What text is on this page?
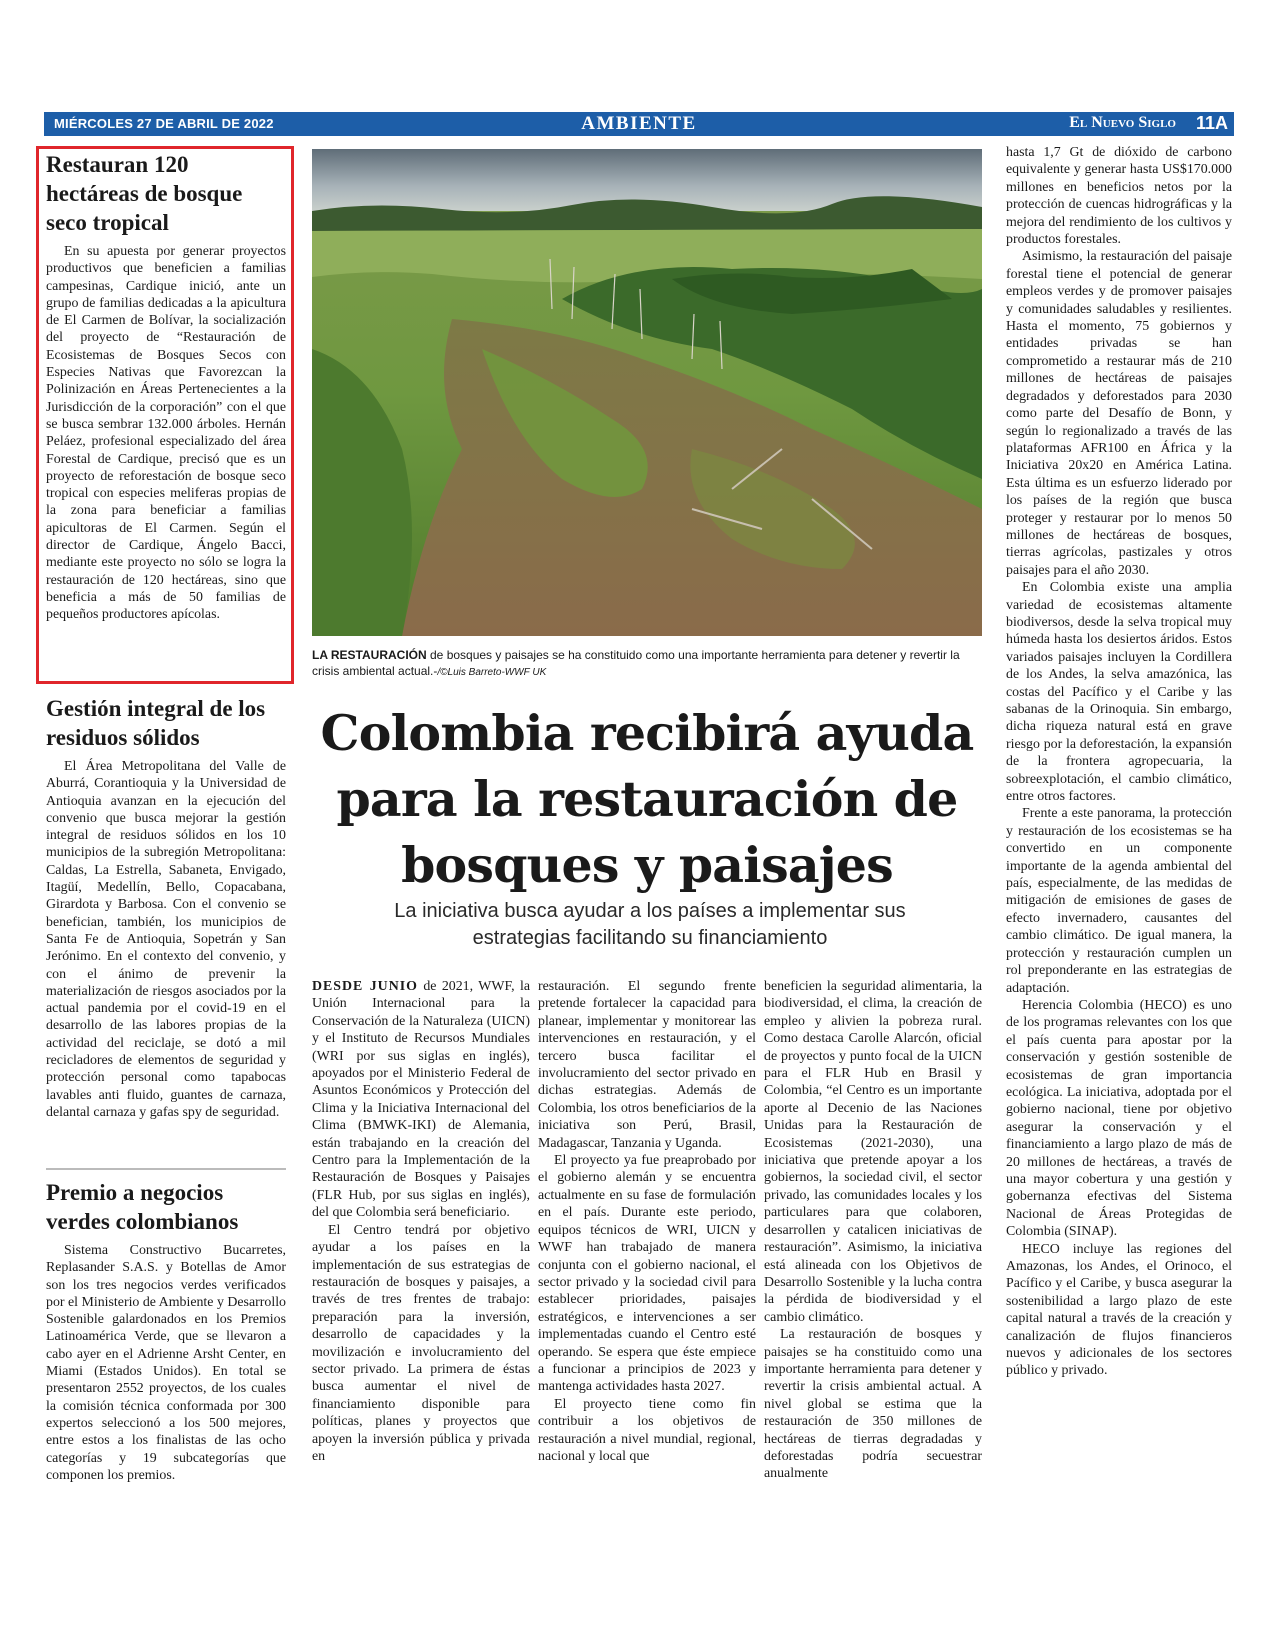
MIÉRCOLES 27 DE ABRIL DE 2022	AMBIENTE	El Nuevo Siglo 11A
Restauran 120 hectáreas de bosque seco tropical

En su apuesta por generar proyectos productivos que beneficien a familias campesinas, Cardique inició, ante un grupo de familias dedicadas a la apicultura de El Carmen de Bolívar, la socialización del proyecto de “Restauración de Ecosistemas de Bosques Secos con Especies Nativas que Favorezcan la Polinización en Áreas Pertenecientes a la Jurisdicción de la corporación” con el que se busca sembrar 132.000 árboles. Hernán Peláez, profesional especializado del área Forestal de Cardique, precisó que es un proyecto de reforestación de bosque seco tropical con especies meliferas propias de la zona para beneficiar a familias apicultoras de El Carmen. Según el director de Cardique, Ángelo Bacci, mediante este proyecto no sólo se logra la restauración de 120 hectáreas, sino que beneficia a más de 50 familias de pequeños productores apícolas.

Gestión integral de los residuos sólidos

El Área Metropolitana del Valle de Aburrá, Corantioquia y la Universidad de Antioquia avanzan en la ejecución del convenio que busca mejorar la gestión integral de residuos sólidos en los 10 municipios de la subregión Metropolitana: Caldas, La Estrella, Sabaneta, Envigado, Itagüí, Medellín, Bello, Copacabana, Girardota y Barbosa. Con el convenio se benefician, también, los municipios de Santa Fe de Antioquia, Sopetrán y San Jerónimo. En el contexto del convenio, y con el ánimo de prevenir la materialización de riesgos asociados por la actual pandemia por el covid-19 en el desarrollo de las labores propias de la actividad del reciclaje, se dotó a mil recicladores de elementos de seguridad y protección personal como tapabocas lavables anti fluido, guantes de carnaza, delantal carnaza y gafas spy de seguridad.

Premio a negocios verdes colombianos

Sistema Constructivo Bucarretes, Replasander S.A.S. y Botellas de Amor son los tres negocios verdes verificados por el Ministerio de Ambiente y Desarrollo Sostenible galardonados en los Premios Latinoamérica Verde, que se llevaron a cabo ayer en el Adrienne Arsht Center, en Miami (Estados Unidos). En total se presentaron 2552 proyectos, de los cuales la comisión técnica conformada por 300 expertos seleccionó a los 500 mejores, entre estos a los finalistas de las ocho categorías y 19 subcategorías que componen los premios.

LA RESTAURACIÓN de bosques y paisajes se ha constituido como una importante herramienta para detener y revertir la crisis ambiental actual.-/©Luis Barreto-WWF UK
Colombia recibirá ayuda para la restauración de bosques y paisajes

La iniciativa busca ayudar a los países a implementar sus estrategias facilitando su financiamiento

DESDE JUNIO de 2021, WWF, la Unión Internacional para la Conservación de la Naturaleza (UICN) y el Instituto de Recursos Mundiales (WRI por sus siglas en inglés), apoyados por el Ministerio Federal de Asuntos Económicos y Protección del Clima y la Iniciativa Internacional del Clima (BMWK-IKI) de Alemania, están trabajando en la creación del Centro para la Implementación de la Restauración de Bosques y Paisajes (FLR Hub, por sus siglas en inglés), del que Colombia será beneficiario.

El Centro tendrá por objetivo ayudar a los países en la implementación de sus estrategias de restauración de bosques y paisajes, a través de tres frentes de trabajo: preparación para la inversión, desarrollo de capacidades y la movilización e involucramiento del sector privado. La primera de éstas busca aumentar el nivel de financiamiento disponible para políticas, planes y proyectos que apoyen la inversión pública y privada en

restauración. El segundo frente pretende fortalecer la capacidad para planear, implementar y monitorear las intervenciones en restauración, y el tercero busca facilitar el involucramiento del sector privado en dichas estrategias. Además de Colombia, los otros beneficiarios de la iniciativa son Perú, Brasil, Madagascar, Tanzania y Uganda.

El proyecto ya fue preaprobado por el gobierno alemán y se encuentra actualmente en su fase de formulación en el país. Durante este periodo, equipos técnicos de WRI, UICN y WWF han trabajado de manera conjunta con el gobierno nacional, el sector privado y la sociedad civil para establecer prioridades, paisajes estratégicos, e intervenciones a ser implementadas cuando el Centro esté operando. Se espera que éste empiece a funcionar a principios de 2023 y mantenga actividades hasta 2027.

El proyecto tiene como fin contribuir a los objetivos de restauración a nivel mundial, regional, nacional y local que

beneficien la seguridad alimentaria, la biodiversidad, el clima, la creación de empleo y alivien la pobreza rural. Como destaca Carolle Alarcón, oficial de proyectos y punto focal de la UICN para el FLR Hub en Brasil y Colombia, “el Centro es un importante aporte al Decenio de las Naciones Unidas para la Restauración de Ecosistemas (2021-2030), una iniciativa que pretende apoyar a los gobiernos, la sociedad civil, el sector privado, las comunidades locales y los particulares para que colaboren, desarrollen y catalicen iniciativas de restauración”. Asimismo, la iniciativa está alineada con los Objetivos de Desarrollo Sostenible y la lucha contra la pérdida de biodiversidad y el cambio climático.

La restauración de bosques y paisajes se ha constituido como una importante herramienta para detener y revertir la crisis ambiental actual. A nivel global se estima que la restauración de 350 millones de hectáreas de tierras degradadas y deforestadas podría secuestrar anualmente

hasta 1,7 Gt de dióxido de carbono equivalente y generar hasta US$170.000 millones en beneficios netos por la protección de cuencas hidrográficas y la mejora del rendimiento de los cultivos y productos forestales.

Asimismo, la restauración del paisaje forestal tiene el potencial de generar empleos verdes y de promover paisajes y comunidades saludables y resilientes. Hasta el momento, 75 gobiernos y entidades privadas se han comprometido a restaurar más de 210 millones de hectáreas de paisajes degradados y deforestados para 2030 como parte del Desafío de Bonn, y según lo regionalizado a través de las plataformas AFR100 en África y la Iniciativa 20x20 en América Latina. Esta última es un esfuerzo liderado por los países de la región que busca proteger y restaurar por lo menos 50 millones de hectáreas de bosques, tierras agrícolas, pastizales y otros paisajes para el año 2030.

En Colombia existe una amplia variedad de ecosistemas altamente biodiversos, desde la selva tropical muy húmeda hasta los desiertos áridos. Estos variados paisajes incluyen la Cordillera de los Andes, la selva amazónica, las costas del Pacífico y el Caribe y las sabanas de la Orinoquia. Sin embargo, dicha riqueza natural está en grave riesgo por la deforestación, la expansión de la frontera agropecuaria, la sobreexplotación, el cambio climático, entre otros factores.

Frente a este panorama, la protección y restauración de los ecosistemas se ha convertido en un componente importante de la agenda ambiental del país, especialmente, de las medidas de mitigación de emisiones de gases de efecto invernadero, causantes del cambio climático. De igual manera, la protección y restauración cumplen un rol preponderante en las estrategias de adaptación.

Herencia Colombia (HECO) es uno de los programas relevantes con los que el país cuenta para apostar por la conservación y gestión sostenible de ecosistemas de gran importancia ecológica. La iniciativa, adoptada por el gobierno nacional, tiene por objetivo asegurar la conservación y el financiamiento a largo plazo de más de 20 millones de hectáreas, a través de una mayor cobertura y una gestión y gobernanza efectivas del Sistema Nacional de Áreas Protegidas de Colombia (SINAP).

HECO incluye las regiones del Amazonas, los Andes, el Orinoco, el Pacífico y el Caribe, y busca asegurar la sostenibilidad a largo plazo de este capital natural a través de la creación y canalización de flujos financieros nuevos y adicionales de los sectores público y privado.
